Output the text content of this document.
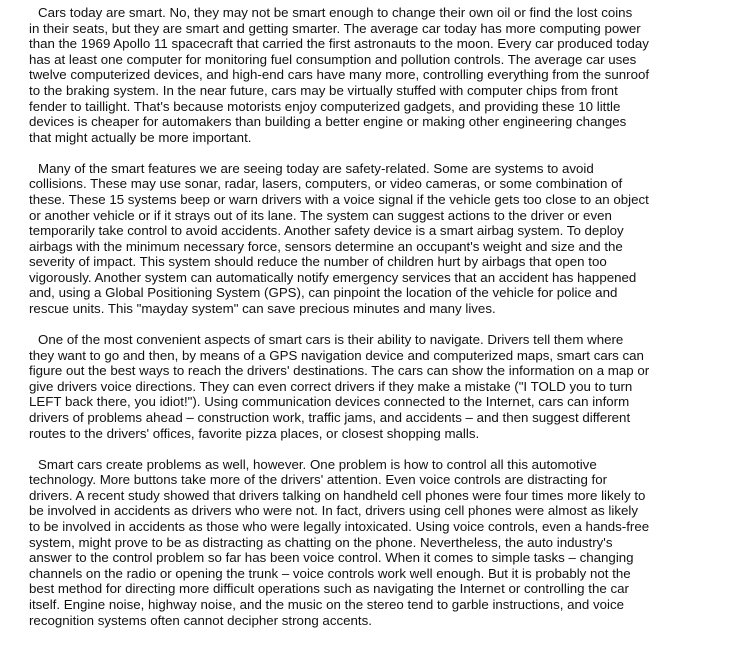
Cars today are smart. No, they may not be smart enough to change their own oil or find the lost coins
in their seats, but they are smart and getting smarter. The average car today has more computing power
than the 1969 Apollo 11 spacecraft that carried the first astronauts to the moon. Every car produced today
has at least one computer for monitoring fuel consumption and pollution controls. The average car uses
twelve computerized devices, and high-end cars have many more, controlling everything from the sunroof
to the braking system. In the near future, cars may be virtually stuffed with computer chips from front
fender to taillight. That's because motorists enjoy computerized gadgets, and providing these 10 little
devices is cheaper for automakers than building a better engine or making other engineering changes
that might actually be more important.

Many of the smart features we are seeing today are safety-related. Some are systems to avoid
collisions. These may use sonar, radar, lasers, computers, or video cameras, or some combination of
these. These 15 systems beep or warn drivers with a voice signal if the vehicle gets too close to an object
or another vehicle or if it strays out of its lane. The system can suggest actions to the driver or even
temporarily take control to avoid accidents. Another safety device is a smart airbag system. To deploy
airbags with the minimum necessary force, sensors determine an occupant's weight and size and the
severity of impact. This system should reduce the number of children hurt by airbags that open too
vigorously. Another system can automatically notify emergency services that an accident has happened
and, using a Global Positioning System (GPS), can pinpoint the location of the vehicle for police and
rescue units. This "mayday system" can save precious minutes and many lives.

One of the most convenient aspects of smart cars is their ability to navigate. Drivers tell them where
they want to go and then, by means of a GPS navigation device and computerized maps, smart cars can
figure out the best ways to reach the drivers' destinations. The cars can show the information on a map or
give drivers voice directions. They can even correct drivers if they make a mistake ("I TOLD you to turn
LEFT back there, you idiot!"). Using communication devices connected to the Internet, cars can inform
drivers of problems ahead – construction work, traffic jams, and accidents – and then suggest different
routes to the drivers' offices, favorite pizza places, or closest shopping malls.

Smart cars create problems as well, however. One problem is how to control all this automotive
technology. More buttons take more of the drivers' attention. Even voice controls are distracting for
drivers. A recent study showed that drivers talking on handheld cell phones were four times more likely to
be involved in accidents as drivers who were not. In fact, drivers using cell phones were almost as likely
to be involved in accidents as those who were legally intoxicated. Using voice controls, even a hands-free
system, might prove to be as distracting as chatting on the phone. Nevertheless, the auto industry's
answer to the control problem so far has been voice control. When it comes to simple tasks – changing
channels on the radio or opening the trunk – voice controls work well enough. But it is probably not the
best method for directing more difficult operations such as navigating the Internet or controlling the car
itself. Engine noise, highway noise, and the music on the stereo tend to garble instructions, and voice
recognition systems often cannot decipher strong accents.
